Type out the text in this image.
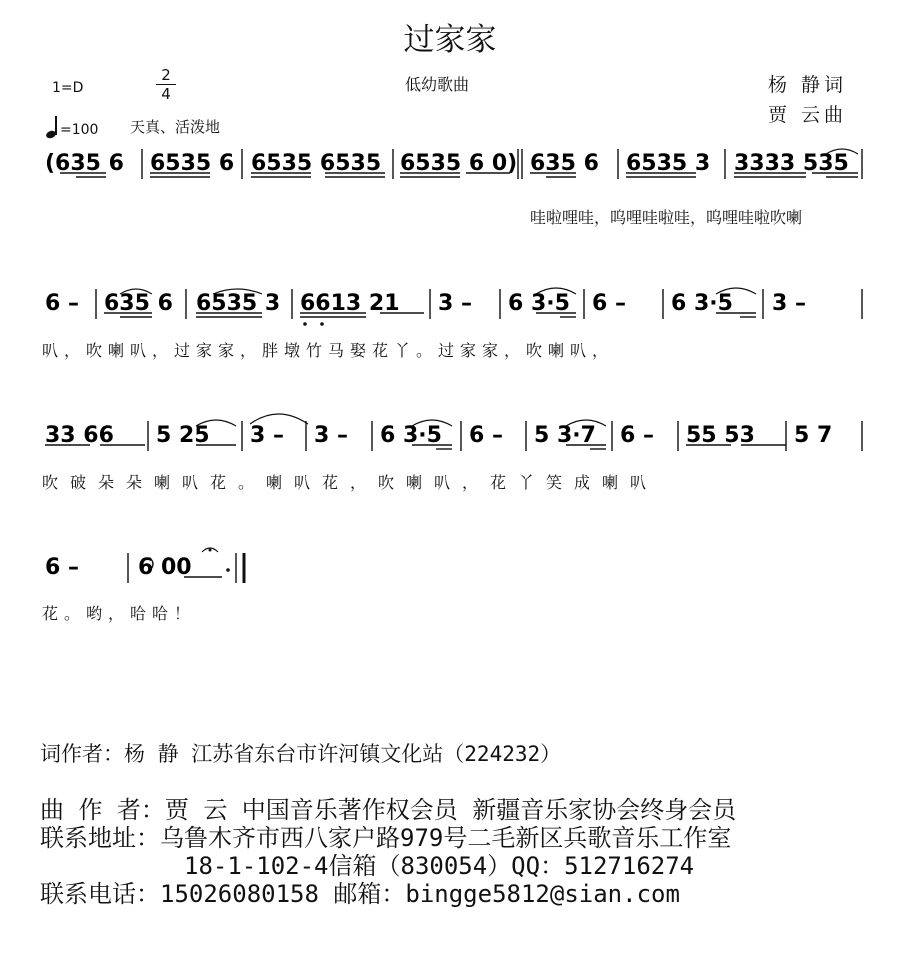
过家家
低幼歌曲
1=D
2
4
=100 天真、活泼地
杨 静词
贾 云曲
(635 6 6535 6 6535 6535 6535 6 0) 635 6 6535 3 3333 535
哇啦哩哇，呜哩哇啦哇，呜哩哇啦吹喇
6 – 635 6 6535 3 6613 21 3 – 6 3·5 6 – 6 3·5 3 –
叭，吹喇叭，过家家，胖墩竹马娶花丫。过家家，吹喇叭，
33 66 5 25 3 – 3 – 6 3·5 6 – 5 3·7 6 – 55 53 5 7
吹破朵朵喇叭花。喇叭花，吹喇叭，花丫笑成喇叭
6 –	6 00
花。哟，哈哈！
词作者：杨 静 江苏省东台市许河镇文化站（224232）
曲 作 者：贾 云 中国音乐著作权会员 新疆音乐家协会终身会员
联系地址：乌鲁木齐市西八家户路979号二毛新区兵歌音乐工作室
18-1-102-4信箱（830054）QQ：512716274
联系电话：15026080158 邮箱：bingge5812@sian.com
